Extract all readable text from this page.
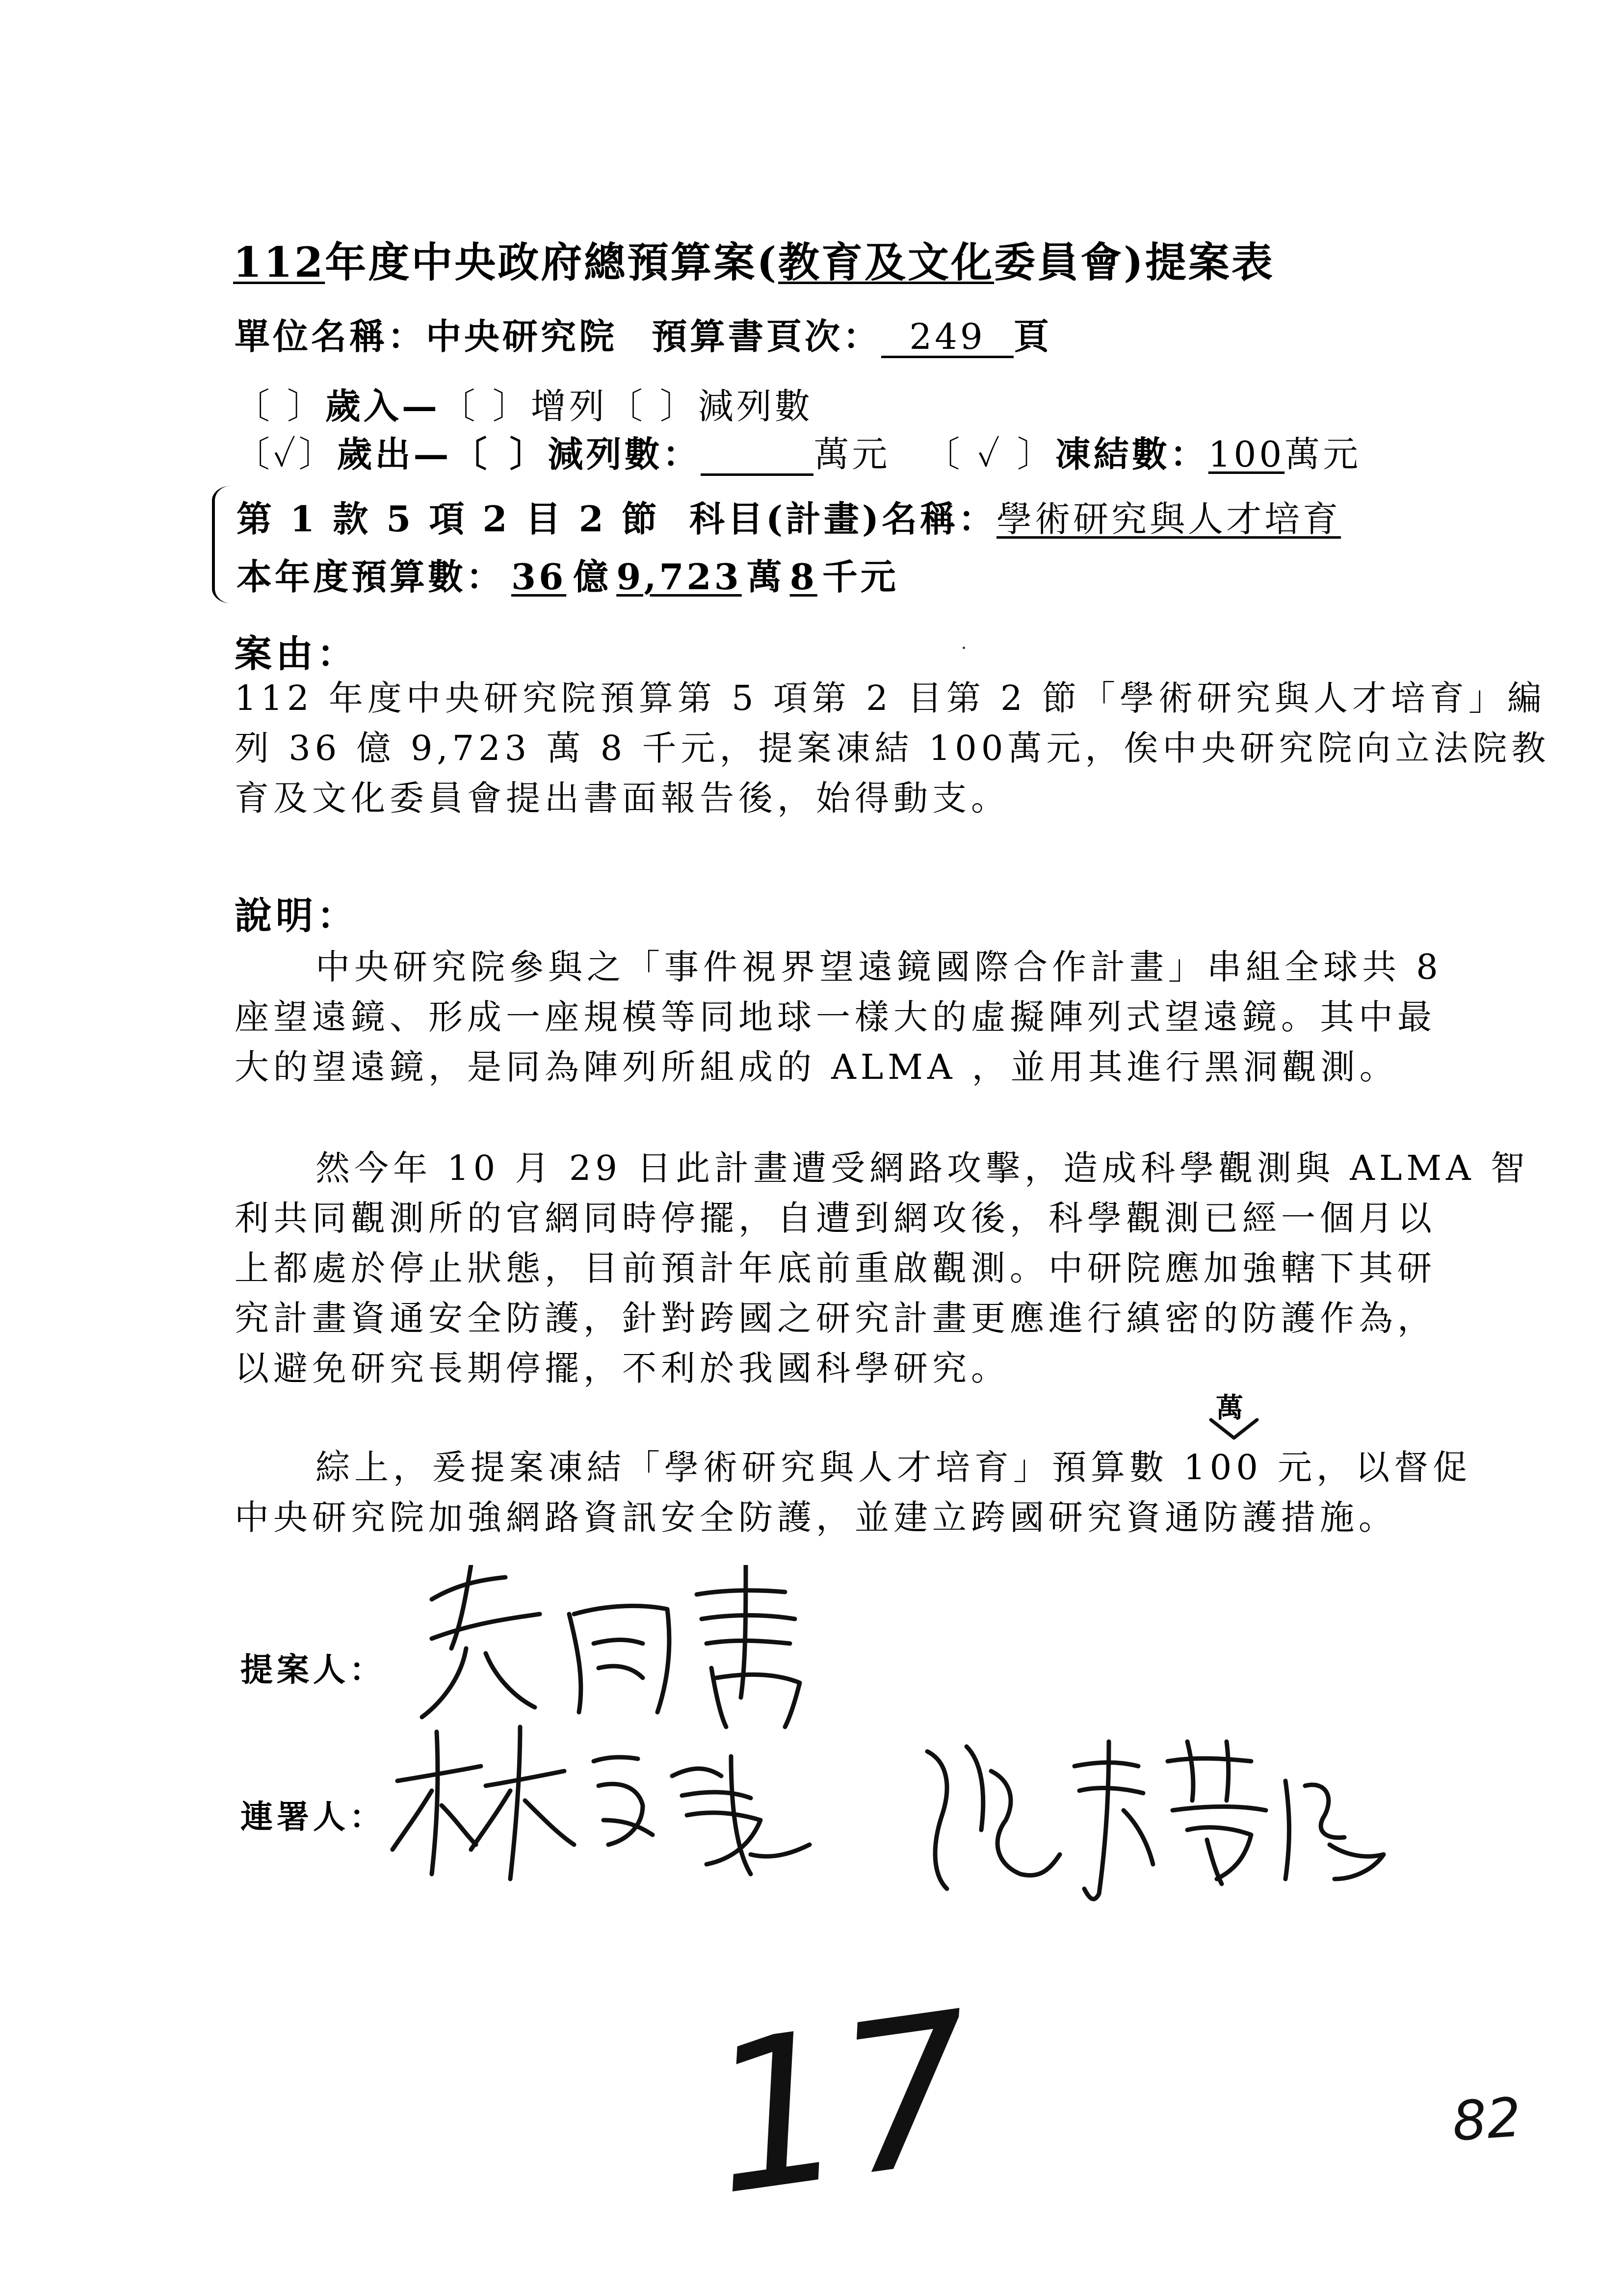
112年度中央政府總預算案(教育及文化委員會)提案表
單位名稱：中央研究院 預算書頁次： 249 頁
〔 〕歲入—〔 〕增列〔 〕減列數
〔✓〕歲出—〔 〕減列數：	萬元 〔 ✓ 〕凍結數：100萬元
第 1 款 5 項 2 目 2 節 科目(計畫)名稱：學術研究與人才培育
本年度預算數： 36 億 9,723 萬 8 千元
案由：
112 年度中央研究院預算第 5 項第 2 目第 2 節「學術研究與人才培育」編
列 36 億 9,723 萬 8 千元，提案凍結 100萬元，俟中央研究院向立法院教
育及文化委員會提出書面報告後，始得動支。
說明：
中央研究院參與之「事件視界望遠鏡國際合作計畫」串組全球共 8
座望遠鏡、形成一座規模等同地球一樣大的虛擬陣列式望遠鏡。其中最
大的望遠鏡，是同為陣列所組成的 ALMA ，並用其進行黑洞觀測。
然今年 10 月 29 日此計畫遭受網路攻擊，造成科學觀測與 ALMA 智
利共同觀測所的官網同時停擺，自遭到網攻後，科學觀測已經一個月以
上都處於停止狀態，目前預計年底前重啟觀測。中研院應加強轄下其研
究計畫資通安全防護，針對跨國之研究計畫更應進行縝密的防護作為，
以避免研究長期停擺，不利於我國科學研究。
萬
綜上，爰提案凍結「學術研究與人才培育」預算數 100 元，以督促
中央研究院加強網路資訊安全防護，並建立跨國研究資通防護措施。
提案人：
連署人：
17	82
